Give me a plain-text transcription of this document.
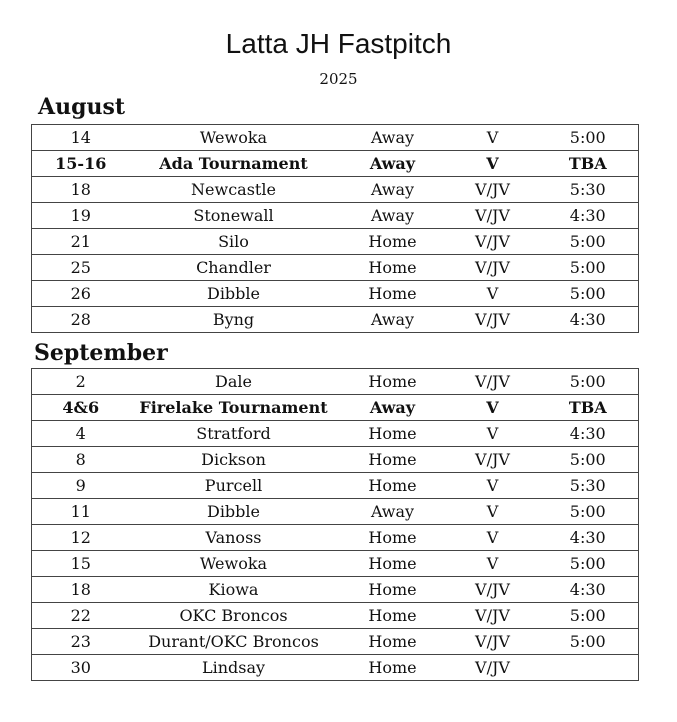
Latta JH Fastpitch
2025
August
14	Wewoka	Away	V	5:00
15-16	Ada Tournament	Away	V	TBA
18	Newcastle	Away	V/JV	5:30
19	Stonewall	Away	V/JV	4:30
21	Silo	Home	V/JV	5:00
25	Chandler	Home	V/JV	5:00
26	Dibble	Home	V	5:00
28	Byng	Away	V/JV	4:30
September
2	Dale	Home	V/JV	5:00
4&6	Firelake Tournament	Away	V	TBA
4	Stratford	Home	V	4:30
8	Dickson	Home	V/JV	5:00
9	Purcell	Home	V	5:30
11	Dibble	Away	V	5:00
12	Vanoss	Home	V	4:30
15	Wewoka	Home	V	5:00
18	Kiowa	Home	V/JV	4:30
22	OKC Broncos	Home	V/JV	5:00
23	Durant/OKC Broncos	Home	V/JV	5:00
30	Lindsay	Home	V/JV	
